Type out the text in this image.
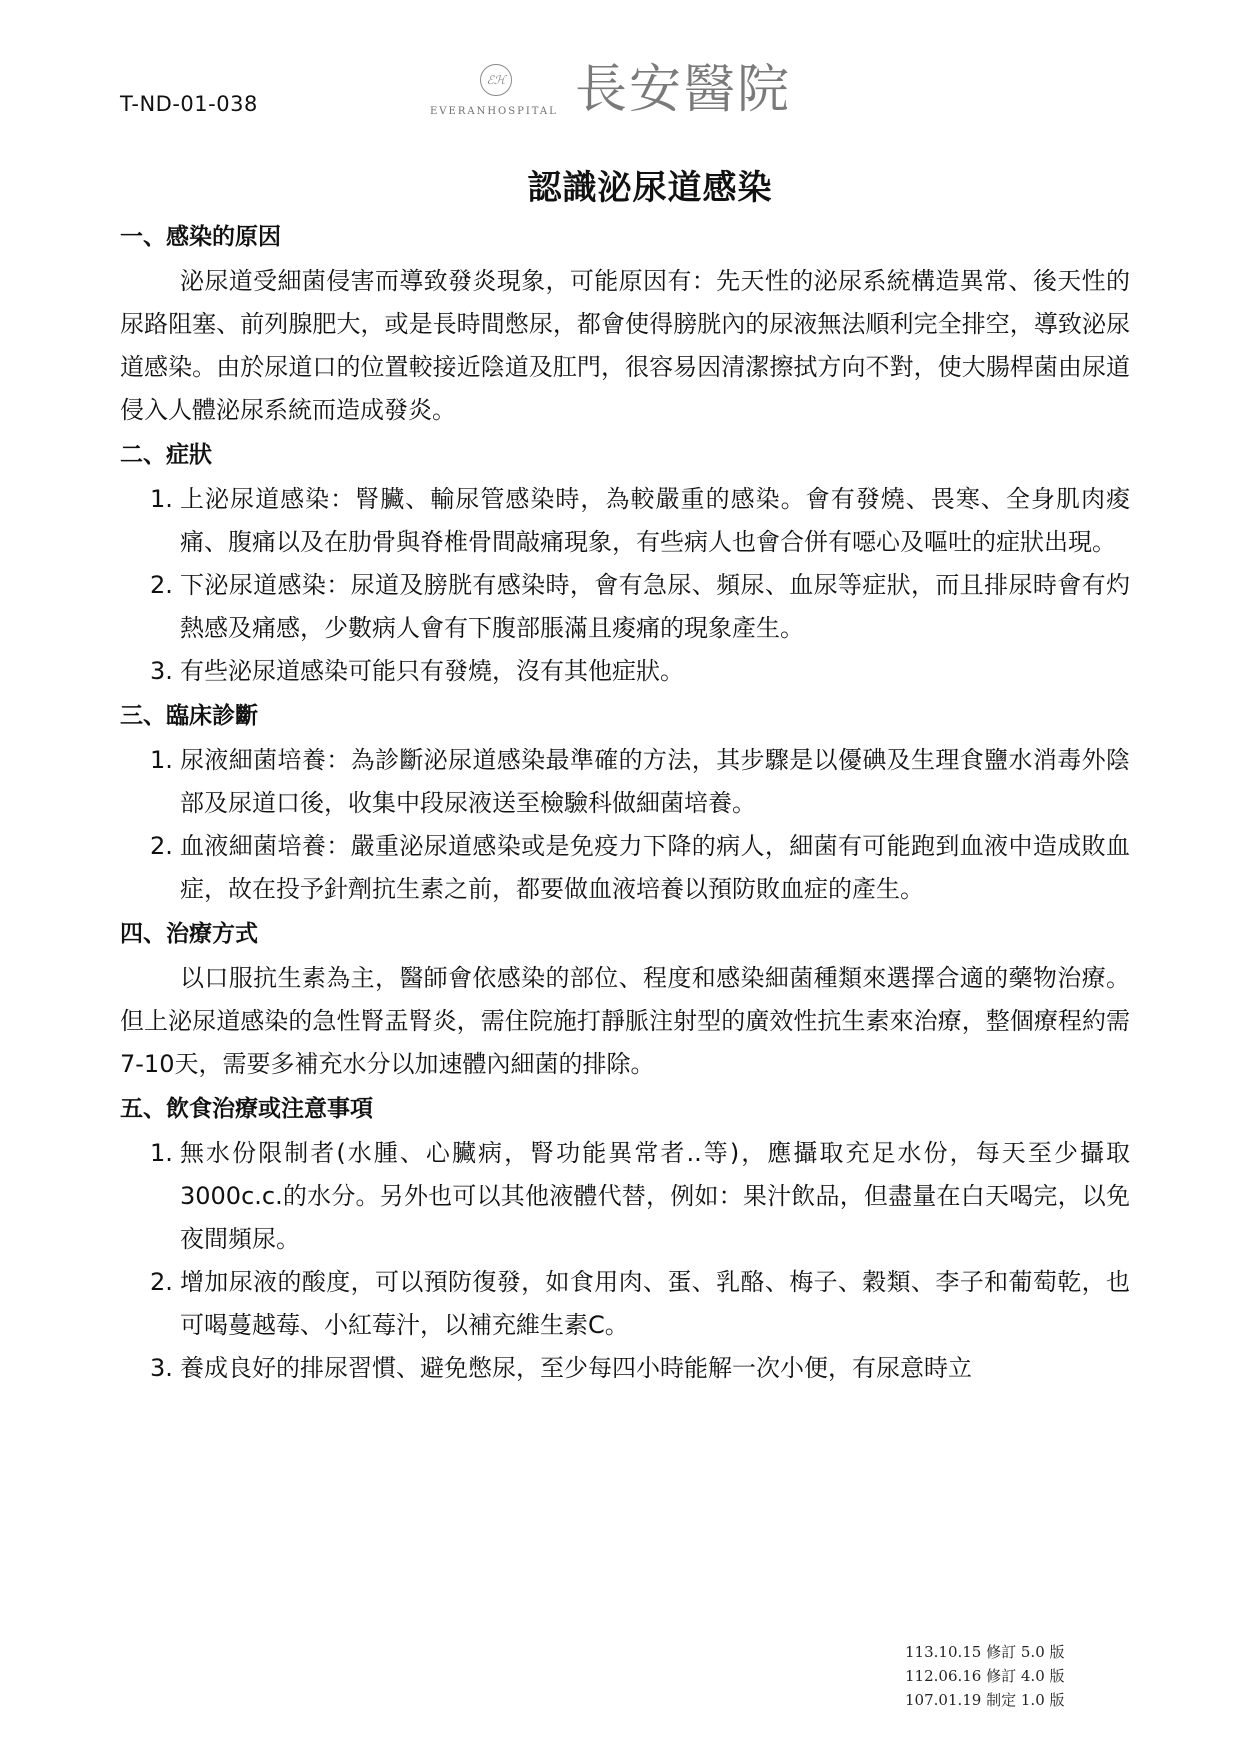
T-ND-01-038
ℰℋ
EVERANHOSPITAL 長安醫院
認識泌尿道感染
一、感染的原因
泌尿道受細菌侵害而導致發炎現象，可能原因有：先天性的泌尿系統構造異常、後天性的尿路阻塞、前列腺肥大，或是長時間憋尿，都會使得膀胱內的尿液無法順利完全排空，導致泌尿道感染。由於尿道口的位置較接近陰道及肛門，很容易因清潔擦拭方向不對，使大腸桿菌由尿道侵入人體泌尿系統而造成發炎。
二、症狀
1. 上泌尿道感染：腎臟、輸尿管感染時，為較嚴重的感染。會有發燒、畏寒、全身肌肉痠痛、腹痛以及在肋骨與脊椎骨間敲痛現象，有些病人也會合併有噁心及嘔吐的症狀出現。
2. 下泌尿道感染：尿道及膀胱有感染時，會有急尿、頻尿、血尿等症狀，而且排尿時會有灼熱感及痛感，少數病人會有下腹部脹滿且痠痛的現象產生。
3. 有些泌尿道感染可能只有發燒，沒有其他症狀。
三、臨床診斷
1. 尿液細菌培養：為診斷泌尿道感染最準確的方法，其步驟是以優碘及生理食鹽水消毒外陰部及尿道口後，收集中段尿液送至檢驗科做細菌培養。
2. 血液細菌培養：嚴重泌尿道感染或是免疫力下降的病人，細菌有可能跑到血液中造成敗血症，故在投予針劑抗生素之前，都要做血液培養以預防敗血症的產生。
四、治療方式
以口服抗生素為主，醫師會依感染的部位、程度和感染細菌種類來選擇合適的藥物治療。但上泌尿道感染的急性腎盂腎炎，需住院施打靜脈注射型的廣效性抗生素來治療，整個療程約需7-10天，需要多補充水分以加速體內細菌的排除。
五、飲食治療或注意事項
1. 無水份限制者(水腫、心臟病，腎功能異常者..等)，應攝取充足水份，每天至少攝取3000c.c.的水分。另外也可以其他液體代替，例如：果汁飲品，但盡量在白天喝完，以免夜間頻尿。
2. 增加尿液的酸度，可以預防復發，如食用肉、蛋、乳酪、梅子、穀類、李子和葡萄乾，也可喝蔓越莓、小紅莓汁，以補充維生素C。
3. 養成良好的排尿習慣、避免憋尿，至少每四小時能解一次小便，有尿意時立
113.10.15 修訂 5.0 版
112.06.16 修訂 4.0 版
107.01.19 制定 1.0 版
